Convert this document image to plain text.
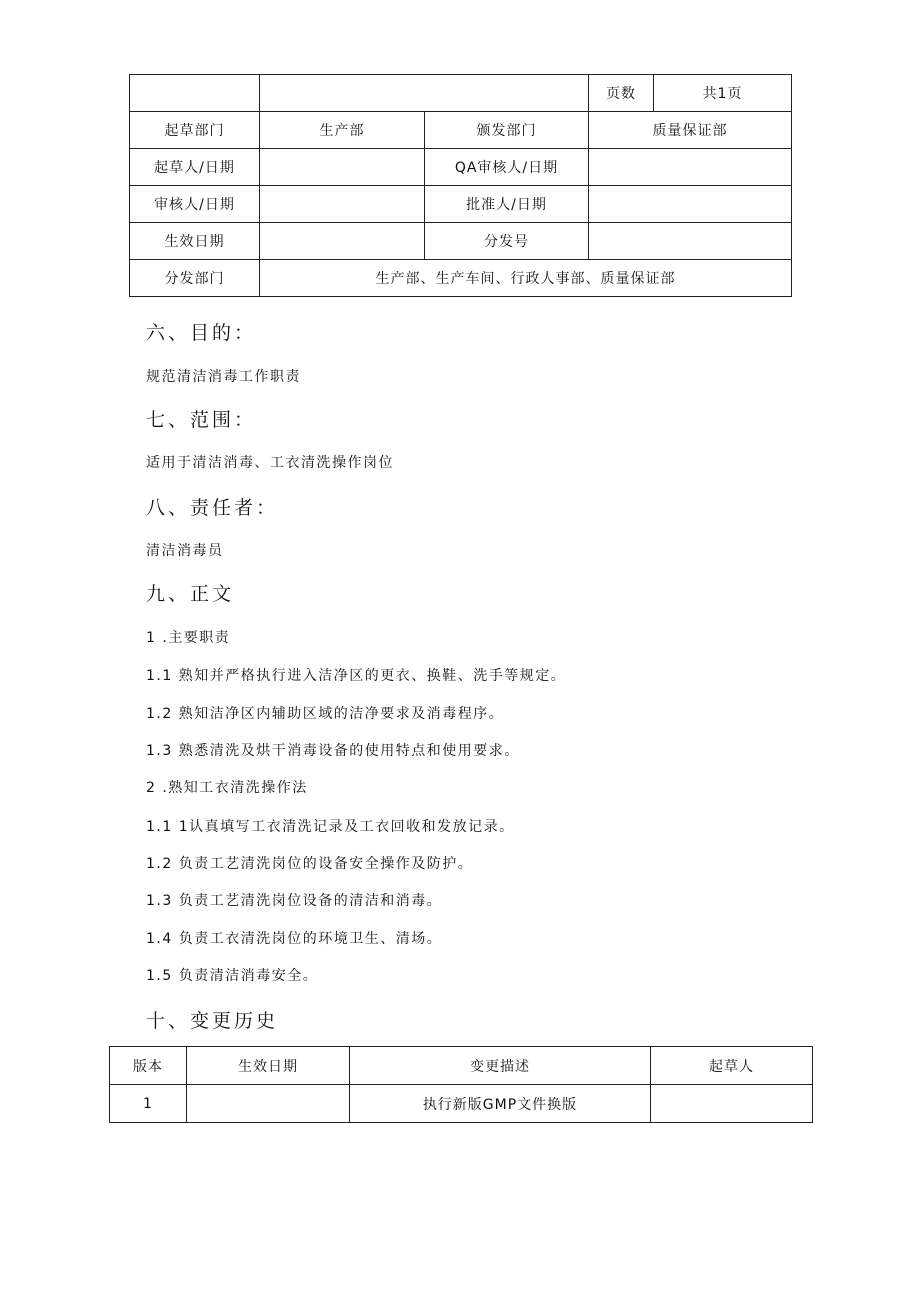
			页数	共1页
起草部门	生产部	颁发部门	质量保证部	
起草人/日期		QA审核人/日期		
审核人/日期		批准人/日期		
生效日期		分发号		
分发部门	生产部、生产车间、行政人事部、质量保证部			
六、目的：
规范清洁消毒工作职责
七、范围：
适用于清洁消毒、工衣清洗操作岗位
八、责任者：
清洁消毒员
九、正文
1 .主要职责
1.1 熟知并严格执行进入洁净区的更衣、换鞋、洗手等规定。
1.2 熟知洁净区内辅助区域的洁净要求及消毒程序。
1.3 熟悉清洗及烘干消毒设备的使用特点和使用要求。
2 .熟知工衣清洗操作法
1.1 1认真填写工衣清洗记录及工衣回收和发放记录。
1.2 负责工艺清洗岗位的设备安全操作及防护。
1.3 负责工艺清洗岗位设备的清洁和消毒。
1.4 负责工衣清洗岗位的环境卫生、清场。
1.5 负责清洁消毒安全。
十、变更历史
版本	生效日期	变更描述	起草人
1		执行新版GMP文件换版	
